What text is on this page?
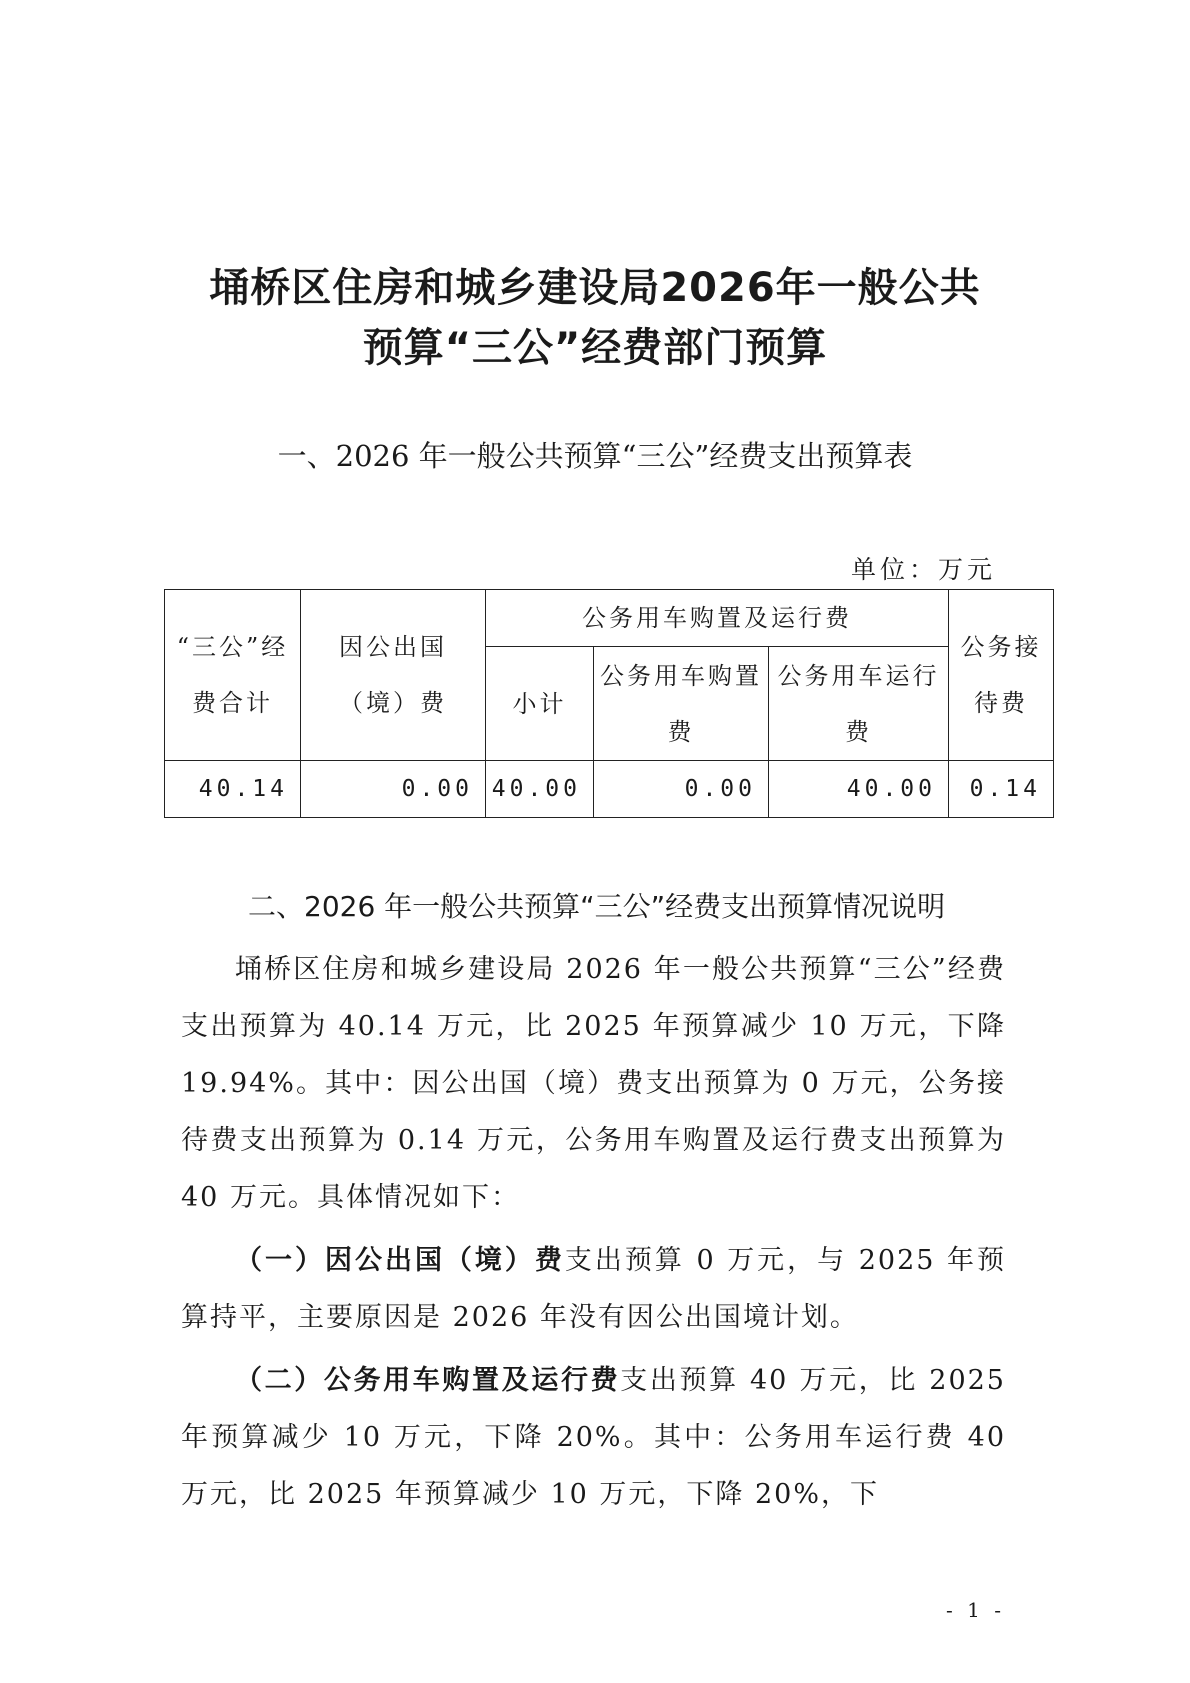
埇桥区住房和城乡建设局2026年一般公共
预算“三公”经费部门预算
一、2026 年一般公共预算“三公”经费支出预算表
单位：万元
“三公”经费合计	因公出国（境）费	公务用车购置及运行费			公务接待费
		小计	公务用车购置费	公务用车运行费	
40.14	0.00	40.00	0.00	40.00	0.14
二、2026 年一般公共预算“三公”经费支出预算情况说明

埇桥区住房和城乡建设局 2026 年一般公共预算“三公”经费支出预算为 40.14 万元，比 2025 年预算减少 10 万元，下降 19.94%。其中：因公出国（境）费支出预算为 0 万元，公务接待费支出预算为 0.14 万元，公务用车购置及运行费支出预算为 40 万元。具体情况如下：

（一）因公出国（境）费支出预算 0 万元，与 2025 年预算持平，主要原因是 2026 年没有因公出国境计划。

（二）公务用车购置及运行费支出预算 40 万元，比 2025 年预算减少 10 万元，下降 20%。其中：公务用车运行费 40 万元，比 2025 年预算减少 10 万元，下降 20%，下

- 1 -
